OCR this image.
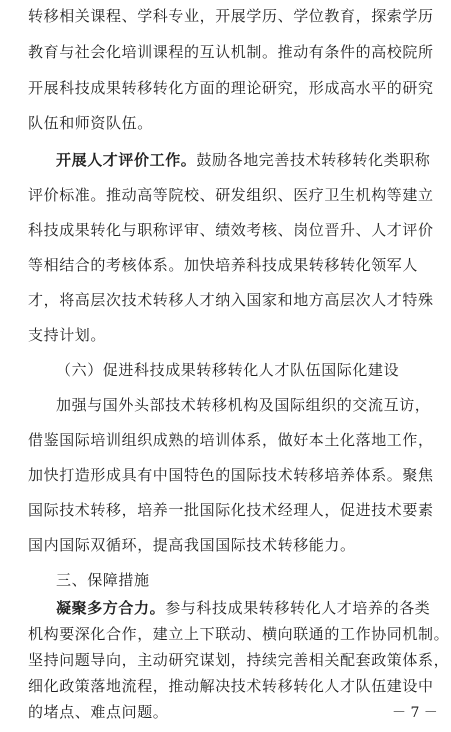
转移相关课程、学科专业，开展学历、学位教育，探索学历
教育与社会化培训课程的互认机制。推动有条件的高校院所
开展科技成果转移转化方面的理论研究，形成高水平的研究
队伍和师资队伍。
开展人才评价工作。鼓励各地完善技术转移转化类职称
评价标准。推动高等院校、研发组织、医疗卫生机构等建立
科技成果转化与职称评审、绩效考核、岗位晋升、人才评价
等相结合的考核体系。加快培养科技成果转移转化领军人
才，将高层次技术转移人才纳入国家和地方高层次人才特殊
支持计划。
（六）促进科技成果转移转化人才队伍国际化建设
加强与国外头部技术转移机构及国际组织的交流互访，
借鉴国际培训组织成熟的培训体系，做好本土化落地工作，
加快打造形成具有中国特色的国际技术转移培养体系。聚焦
国际技术转移，培养一批国际化技术经理人，促进技术要素
国内国际双循环，提高我国国际技术转移能力。
三、保障措施
凝聚多方合力。参与科技成果转移转化人才培养的各类
机构要深化合作，建立上下联动、横向联通的工作协同机制。
坚持问题导向，主动研究谋划，持续完善相关配套政策体系，
细化政策落地流程，推动解决技术转移转化人才队伍建设中
的堵点、难点问题。	－ 7 －
